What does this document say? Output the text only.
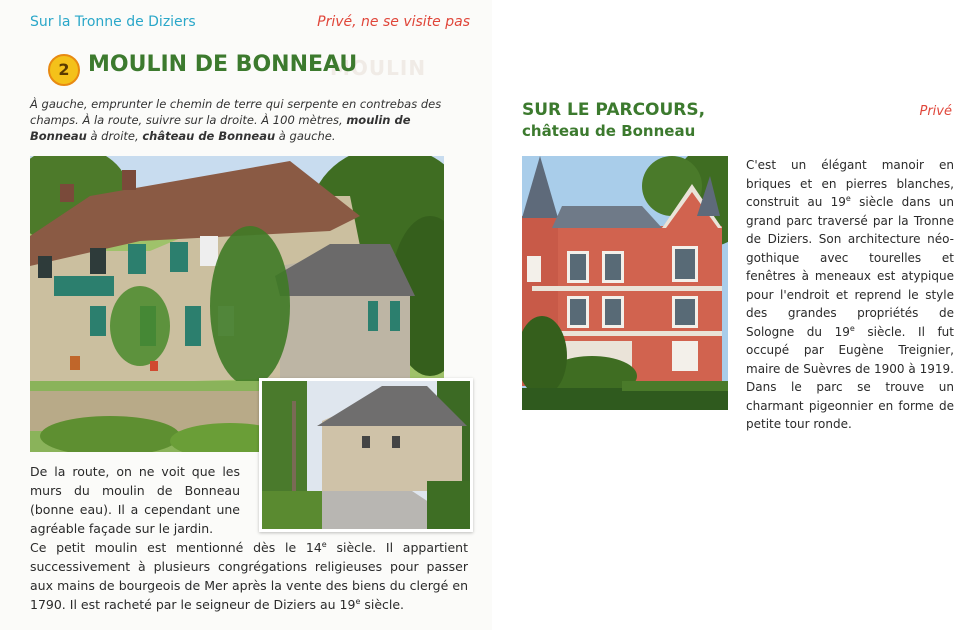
Sur la Tronne de Diziers	Privé, ne se visite pas
MOULIN
2 MOULIN DE BONNEAU
À gauche, emprunter le chemin de terre qui serpente en contrebas des champs. À la route, suivre sur la droite. À 100 mètres, moulin de Bonneau à droite, château de Bonneau à gauche.
De la route, on ne voit que les murs du moulin de Bonneau (bonne eau). Il a cependant une agréable façade sur le jardin.
Ce petit moulin est mentionné dès le 14e siècle. Il appartient successivement à plusieurs congrégations religieuses pour passer aux mains de bourgeois de Mer après la vente des biens du clergé en 1790. Il est racheté par le seigneur de Diziers au 19e siècle.
SUR LE PARCOURS,
château de Bonneau
Privé
C'est un élégant manoir en briques et en pierres blanches, construit au 19e siècle dans un grand parc traversé par la Tronne de Diziers. Son architecture néo-gothique avec tourelles et fenêtres à meneaux est atypique pour l'endroit et reprend le style des grandes propriétés de Sologne du 19e siècle. Il fut occupé par Eugène Treignier, maire de Suèvres de 1900 à 1919. Dans le parc se trouve un charmant pigeonnier en forme de petite tour ronde.
